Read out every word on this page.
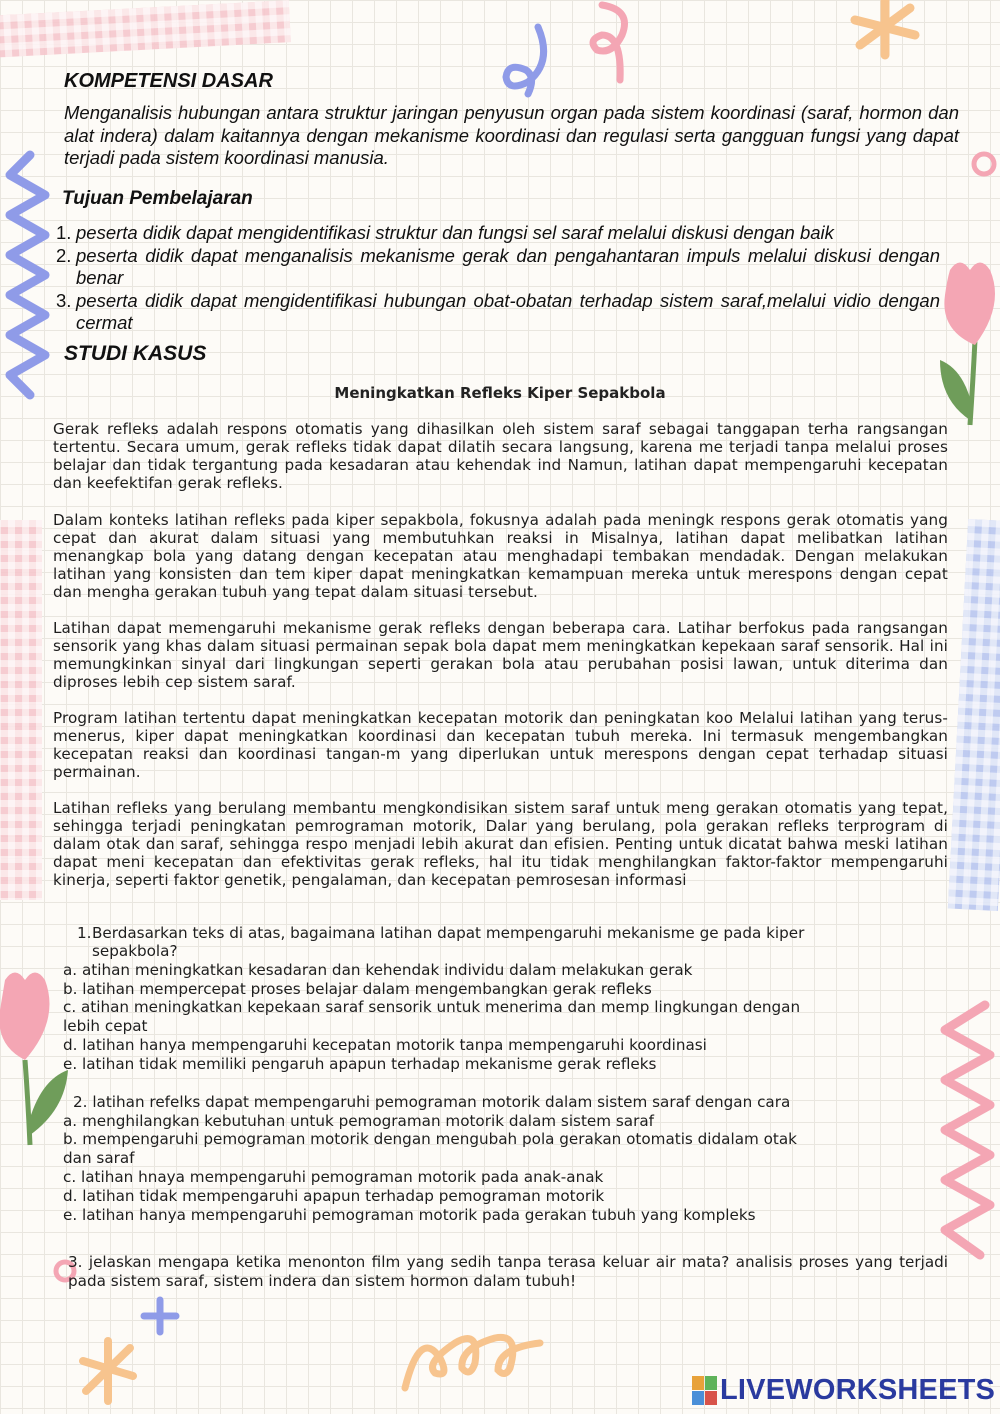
KOMPETENSI DASAR

Menganalisis hubungan antara struktur jaringan penyusun organ pada sistem koordinasi (saraf, hormon dan alat indera) dalam kaitannya dengan mekanisme koordinasi dan regulasi serta gangguan fungsi yang dapat terjadi pada sistem koordinasi manusia.

Tujuan Pembelajaran
1. peserta didik dapat mengidentifikasi struktur dan fungsi sel saraf melalui diskusi dengan baik
2. peserta didik dapat menganalisis mekanisme gerak dan pengahantaran impuls melalui diskusi dengan benar
3. peserta didik dapat mengidentifikasi hubungan obat-obatan terhadap sistem saraf,melalui vidio dengan cermat
STUDI KASUS
Meningkatkan Refleks Kiper Sepakbola

Gerak refleks adalah respons otomatis yang dihasilkan oleh sistem saraf sebagai tanggapan terha rangsangan tertentu. Secara umum, gerak refleks tidak dapat dilatih secara langsung, karena me terjadi tanpa melalui proses belajar dan tidak tergantung pada kesadaran atau kehendak ind Namun, latihan dapat mempengaruhi kecepatan dan keefektifan gerak refleks.

Dalam konteks latihan refleks pada kiper sepakbola, fokusnya adalah pada meningk respons gerak otomatis yang cepat dan akurat dalam situasi yang membutuhkan reaksi in Misalnya, latihan dapat melibatkan latihan menangkap bola yang datang dengan kecepatan atau menghadapi tembakan mendadak. Dengan melakukan latihan yang konsisten dan tem kiper dapat meningkatkan kemampuan mereka untuk merespons dengan cepat dan mengha gerakan tubuh yang tepat dalam situasi tersebut.

Latihan dapat memengaruhi mekanisme gerak refleks dengan beberapa cara. Latihar berfokus pada rangsangan sensorik yang khas dalam situasi permainan sepak bola dapat mem meningkatkan kepekaan saraf sensorik. Hal ini memungkinkan sinyal dari lingkungan seperti gerakan bola atau perubahan posisi lawan, untuk diterima dan diproses lebih cep sistem saraf.

Program latihan tertentu dapat meningkatkan kecepatan motorik dan peningkatan koo Melalui latihan yang terus-menerus, kiper dapat meningkatkan koordinasi dan kecepatan tubuh mereka. Ini termasuk mengembangkan kecepatan reaksi dan koordinasi tangan-m yang diperlukan untuk merespons dengan cepat terhadap situasi permainan.

Latihan refleks yang berulang membantu mengkondisikan sistem saraf untuk meng gerakan otomatis yang tepat, sehingga terjadi peningkatan pemrograman motorik, Dalar yang berulang, pola gerakan refleks terprogram di dalam otak dan saraf, sehingga respo menjadi lebih akurat dan efisien. Penting untuk dicatat bahwa meski latihan dapat meni kecepatan dan efektivitas gerak refleks, hal itu tidak menghilangkan faktor-faktor mempengaruhi kinerja, seperti faktor genetik, pengalaman, dan kecepatan pemrosesan informasi

1. Berdasarkan teks di atas, bagaimana latihan dapat mempengaruhi mekanisme ge pada kiper
sepakbola?
a. atihan meningkatkan kesadaran dan kehendak individu dalam melakukan gerak
b. latihan mempercepat proses belajar dalam mengembangkan gerak refleks
c. atihan meningkatkan kepekaan saraf sensorik untuk menerima dan memp lingkungan dengan
lebih cepat
d. latihan hanya mempengaruhi kecepatan motorik tanpa mempengaruhi koordinasi
e. latihan tidak memiliki pengaruh apapun terhadap mekanisme gerak refleks
2. latihan refelks dapat mempengaruhi pemograman motorik dalam sistem saraf dengan cara
a. menghilangkan kebutuhan untuk pemograman motorik dalam sistem saraf
b. mempengaruhi pemograman motorik dengan mengubah pola gerakan otomatis didalam otak
dan saraf
c. latihan hnaya mempengaruhi pemograman motorik pada anak-anak
d. latihan tidak mempengaruhi apapun terhadap pemograman motorik
e. latihan hanya mempengaruhi pemograman motorik pada gerakan tubuh yang kompleks

3. jelaskan mengapa ketika menonton film yang sedih tanpa terasa keluar air mata? analisis proses yang terjadi pada sistem saraf, sistem indera dan sistem hormon dalam tubuh!

LIVEWORKSHEETS
